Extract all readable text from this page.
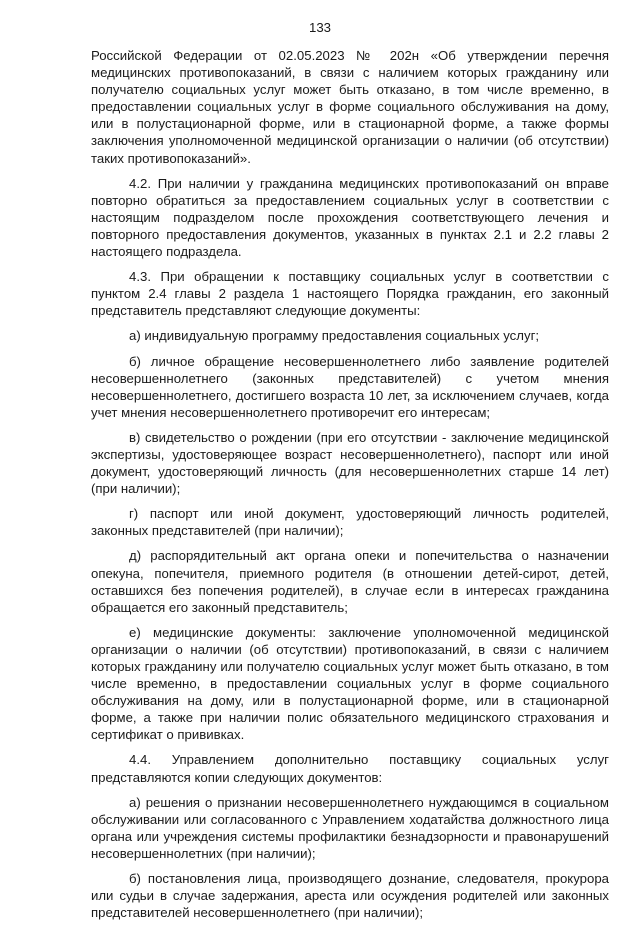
133

Российской Федерации от 02.05.2023 № 202н «Об утверждении перечня медицинских противопоказаний, в связи с наличием которых гражданину или получателю социальных услуг может быть отказано, в том числе временно, в предоставлении социальных услуг в форме социального обслуживания на дому, или в полустационарной форме, или в стационарной форме, а также формы заключения уполномоченной медицинской организации о наличии (об отсутствии) таких противопоказаний».

4.2. При наличии у гражданина медицинских противопоказаний он вправе повторно обратиться за предоставлением социальных услуг в соответствии с настоящим подразделом после прохождения соответствующего лечения и повторного предоставления документов, указанных в пунктах 2.1 и 2.2 главы 2 настоящего подраздела.

4.3. При обращении к поставщику социальных услуг в соответствии с пунктом 2.4 главы 2 раздела 1 настоящего Порядка гражданин, его законный представитель представляют следующие документы:

а) индивидуальную программу предоставления социальных услуг;

б) личное обращение несовершеннолетнего либо заявление родителей несовершеннолетнего (законных представителей) с учетом мнения несовершеннолетнего, достигшего возраста 10 лет, за исключением случаев, когда учет мнения несовершеннолетнего противоречит его интересам;

в) свидетельство о рождении (при его отсутствии - заключение медицинской экспертизы, удостоверяющее возраст несовершеннолетнего), паспорт или иной документ, удостоверяющий личность (для несовершеннолетних старше 14 лет) (при наличии);

г) паспорт или иной документ, удостоверяющий личность родителей, законных представителей (при наличии);

д) распорядительный акт органа опеки и попечительства о назначении опекуна, попечителя, приемного родителя (в отношении детей-сирот, детей, оставшихся без попечения родителей), в случае если в интересах гражданина обращается его законный представитель;

е) медицинские документы: заключение уполномоченной медицинской организации о наличии (об отсутствии) противопоказаний, в связи с наличием которых гражданину или получателю социальных услуг может быть отказано, в том числе временно, в предоставлении социальных услуг в форме социального обслуживания на дому, или в полустационарной форме, или в стационарной форме, а также при наличии полис обязательного медицинского страхования и сертификат о прививках.

4.4. Управлением дополнительно поставщику социальных услуг представляются копии следующих документов:

а) решения о признании несовершеннолетнего нуждающимся в социальном обслуживании или согласованного с Управлением ходатайства должностного лица органа или учреждения системы профилактики безнадзорности и правонарушений несовершеннолетних (при наличии);

б) постановления лица, производящего дознание, следователя, прокурора или судьи в случае задержания, ареста или осуждения родителей или законных представителей несовершеннолетнего (при наличии);
